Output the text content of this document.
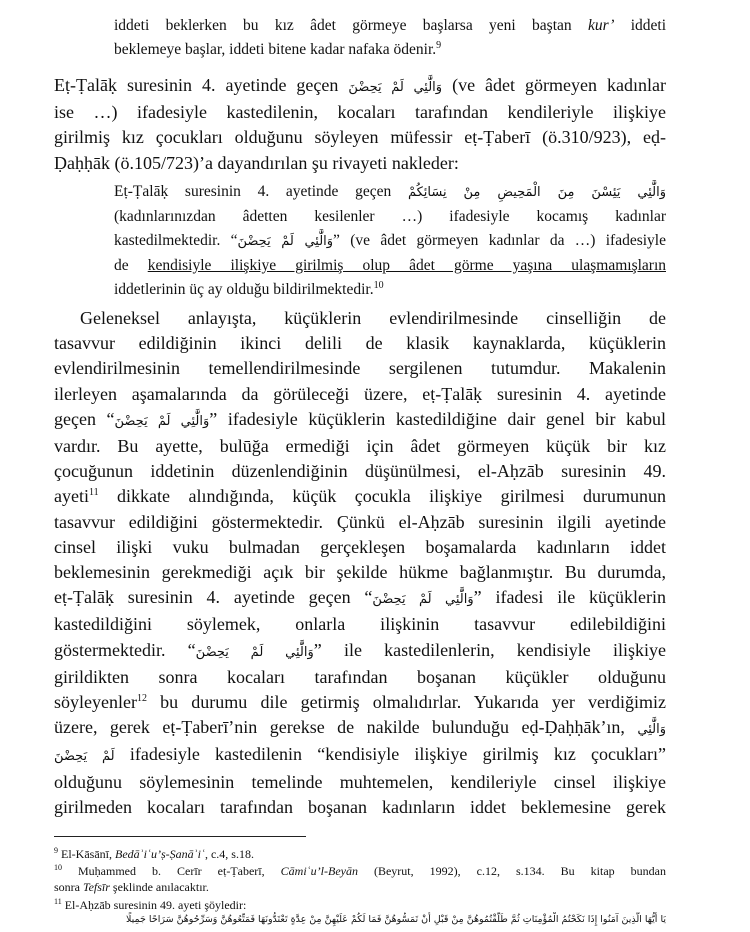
iddeti beklerken bu kız âdet görmeye başlarsa yeni baştan kur’ iddeti
beklemeye başlar, iddeti bitene kadar nafaka ödenir.$^9$
Eṭ-Ṭalāḳ suresinin 4. ayetinde geçen وَالَّٰئِي لَمْ يَحِضْنَ (ve âdet görmeyen kadınlar
ise …) ifadesiyle kastedilenin, kocaları tarafından kendileriyle ilişkiye
girilmiş kız çocukları olduğunu söyleyen müfessir eṭ-Ṭaberī (ö.310/923), eḍ-
Ḍaḥḥāk (ö.105/723)’a dayandırılan şu rivayeti nakleder:
Eṭ-Ṭalāḳ suresinin 4. ayetinde geçen وَالَّٰئِي يَئِسْنَ مِنَ الْمَحِيضِ مِنْ نِسَائِكُمْ
(kadınlarınızdan âdetten kesilenler …) ifadesiyle kocamış kadınlar
kastedilmektedir. “وَالَّٰئِي لَمْ يَحِضْنَ” (ve âdet görmeyen kadınlar da …) ifadesiyle
de kendisiyle ilişkiye girilmiş olup âdet görme yaşına ulaşmamışların
iddetlerinin üç ay olduğu bildirilmektedir.$^{10}$
Geleneksel anlayışta, küçüklerin evlendirilmesinde cinselliğin de
tasavvur edildiğinin ikinci delili de klasik kaynaklarda, küçüklerin
evlendirilmesinin temellendirilmesinde sergilenen tutumdur. Makalenin
ilerleyen aşamalarında da görüleceği üzere, eṭ-Ṭalāḳ suresinin 4. ayetinde
geçen “وَالَّٰئِي لَمْ يَحِضْنَ” ifadesiyle küçüklerin kastedildiğine dair genel bir kabul
vardır. Bu ayette, bulūğa ermediği için âdet görmeyen küçük bir kız
çocuğunun iddetinin düzenlendiğinin düşünülmesi, el-Aḥzāb suresinin 49.
ayeti$^{11}$ dikkate alındığında, küçük çocukla ilişkiye girilmesi durumunun
tasavvur edildiğini göstermektedir. Çünkü el-Aḥzāb suresinin ilgili ayetinde
cinsel ilişki vuku bulmadan gerçekleşen boşamalarda kadınların iddet
beklemesinin gerekmediği açık bir şekilde hükme bağlanmıştır. Bu durumda,
eṭ-Ṭalāḳ suresinin 4. ayetinde geçen “وَالَّٰئِي لَمْ يَحِضْنَ” ifadesi ile küçüklerin
kastedildiğini söylemek, onlarla ilişkinin tasavvur edilebildiğini
göstermektedir. “وَالَّٰئِي لَمْ يَحِضْنَ” ile kastedilenlerin, kendisiyle ilişkiye
girildikten sonra kocaları tarafından boşanan küçükler olduğunu
söyleyenler$^{12}$ bu durumu dile getirmiş olmalıdırlar. Yukarıda yer verdiğimiz
üzere, gerek eṭ-Ṭaberī’nin gerekse de nakilde bulunduğu eḍ-Ḍaḥḥāk’ın, وَالَّٰئِي
لَمْ يَحِضْنَ ifadesiyle kastedilenin “kendisiyle ilişkiye girilmiş kız çocukları”
olduğunu söylemesinin temelinde muhtemelen, kendileriyle cinsel ilişkiye
girilmeden kocaları tarafından boşanan kadınların iddet beklemesine gerek
$^9$ El-Kāsānī, Bedāʾiʿu’ṣ-Ṣanāʾiʿ, c.4, s.18.
$^{10}$ Muḥammed b. Cerīr eṭ-Ṭaberī, Cāmiʿu’l-Beyān (Beyrut, 1992), c.12, s.134. Bu kitap bundan
sonra Tefsīr şeklinde anılacaktır.
$^{11}$ El-Aḥzāb suresinin 49. ayeti şöyledir:
يَا أَيُّهَا الَّذِينَ آمَنُوا إِذَا نَكَحْتُمُ الْمُؤْمِنَاتِ ثُمَّ طَلَّقْتُمُوهُنَّ مِنْ قَبْلِ أَنْ تَمَسُّوهُنَّ فَمَا لَكُمْ عَلَيْهِنَّ مِنْ عِدَّةٍ تَعْتَدُّونَهَا فَمَتِّعُوهُنَّ وَسَرِّحُوهُنَّ سَرَاحًا جَمِيلًا
